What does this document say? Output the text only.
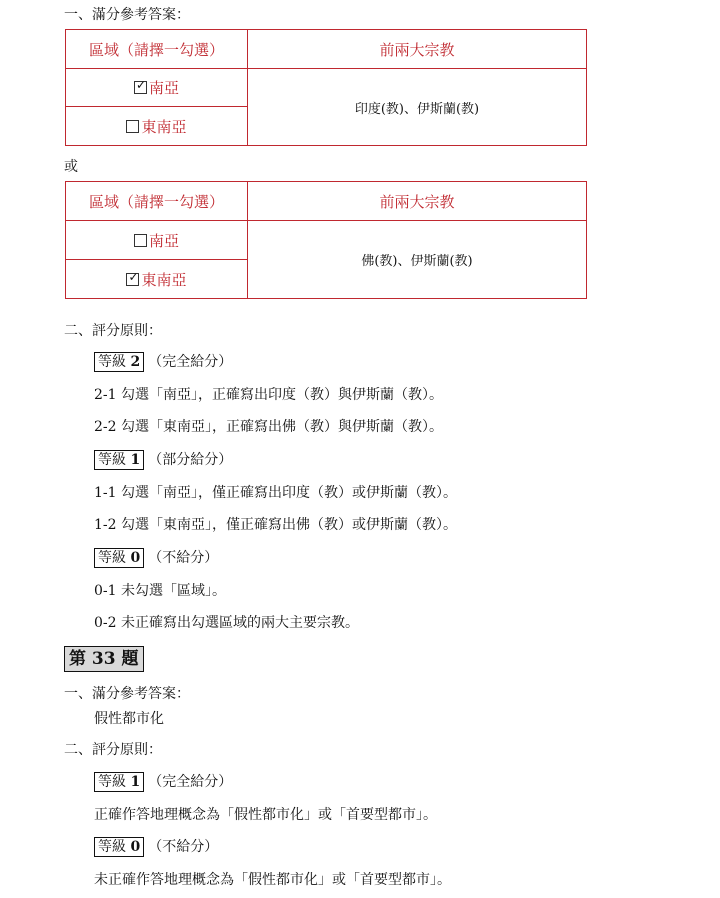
一、滿分參考答案：
區域（請擇一勾選）	前兩大宗教

✓ 南亞	印度(教)、伊斯蘭(教)

東南亞	
或
區域（請擇一勾選）	前兩大宗教

南亞	佛(教)、伊斯蘭(教)

✓ 東南亞	
二、評分原則：
等級 2 （完全給分）
2-1 勾選「南亞」，正確寫出印度（教）與伊斯蘭（教）。
2-2 勾選「東南亞」，正確寫出佛（教）與伊斯蘭（教）。
等級 1 （部分給分）
1-1 勾選「南亞」，僅正確寫出印度（教）或伊斯蘭（教）。
1-2 勾選「東南亞」，僅正確寫出佛（教）或伊斯蘭（教）。
等級 0 （不給分）
0-1 未勾選「區域」。
0-2 未正確寫出勾選區域的兩大主要宗教。
第 33 題
一、滿分參考答案：
假性都市化
二、評分原則：
等級 1 （完全給分）
正確作答地理概念為「假性都市化」或「首要型都市」。
等級 0 （不給分）
未正確作答地理概念為「假性都市化」或「首要型都市」。
